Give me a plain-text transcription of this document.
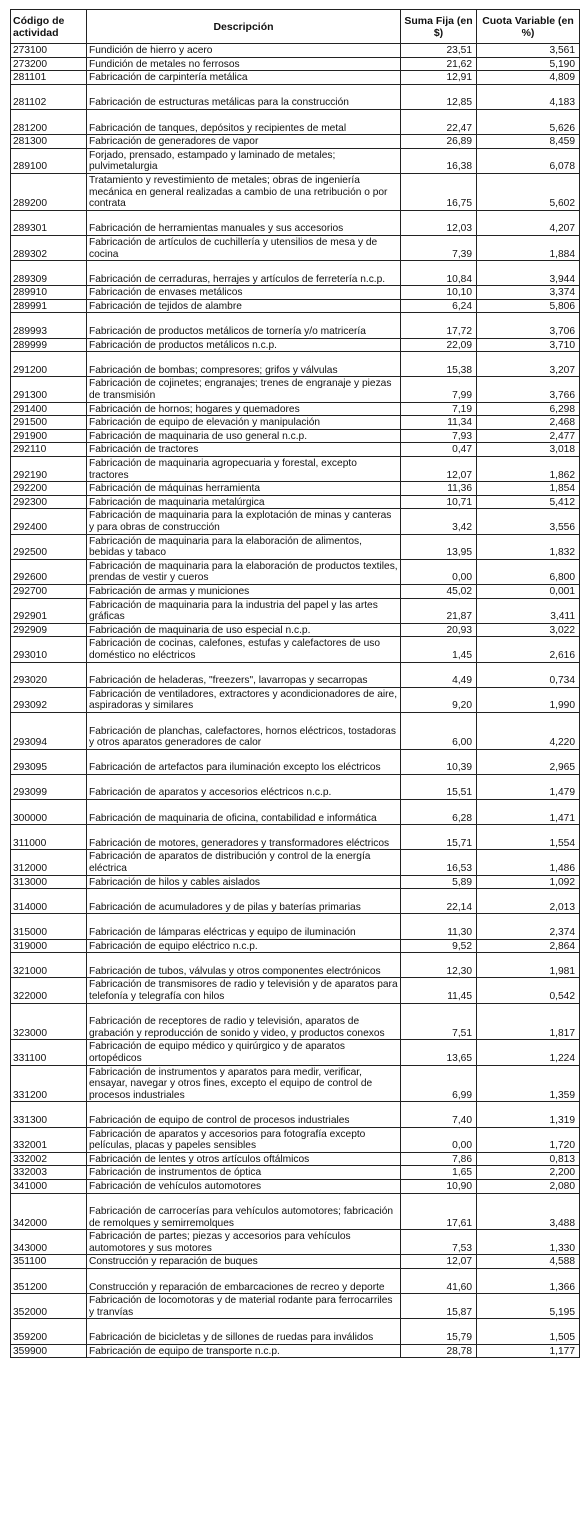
Código de actividad	Descripción	Suma Fija (en $)	Cuota Variable (en %)
273100	Fundición de hierro y acero	23,51	3,561
273200	Fundición de metales no ferrosos	21,62	5,190
281101	Fabricación de carpintería metálica	12,91	4,809
281102	Fabricación de estructuras metálicas para la construcción	12,85	4,183
281200	Fabricación de tanques, depósitos y recipientes de metal	22,47	5,626
281300	Fabricación de generadores de vapor	26,89	8,459
289100	Forjado, prensado, estampado y laminado de metales; pulvimetalurgia	16,38	6,078
289200	Tratamiento y revestimiento de metales; obras de ingeniería mecánica en general realizadas a cambio de una retribución o por contrata	16,75	5,602
289301	Fabricación de herramientas manuales y sus accesorios	12,03	4,207
289302	Fabricación de artículos de cuchillería y utensilios de mesa y de cocina	7,39	1,884
289309	Fabricación de cerraduras, herrajes y artículos de ferretería n.c.p.	10,84	3,944
289910	Fabricación de envases metálicos	10,10	3,374
289991	Fabricación de tejidos de alambre	6,24	5,806
289993	Fabricación de productos metálicos de tornería y/o matricería	17,72	3,706
289999	Fabricación de productos metálicos n.c.p.	22,09	3,710
291200	Fabricación de bombas; compresores; grifos y válvulas	15,38	3,207
291300	Fabricación de cojinetes; engranajes; trenes de engranaje y piezas de transmisión	7,99	3,766
291400	Fabricación de hornos; hogares y quemadores	7,19	6,298
291500	Fabricación de equipo de elevación y manipulación	11,34	2,468
291900	Fabricación de maquinaria de uso general n.c.p.	7,93	2,477
292110	Fabricación de tractores	0,47	3,018
292190	Fabricación de maquinaria agropecuaria y forestal, excepto tractores	12,07	1,862
292200	Fabricación de máquinas herramienta	11,36	1,854
292300	Fabricación de maquinaria metalúrgica	10,71	5,412
292400	Fabricación de maquinaria para la explotación de minas y canteras y para obras de construcción	3,42	3,556
292500	Fabricación de maquinaria para la elaboración de alimentos, bebidas y tabaco	13,95	1,832
292600	Fabricación de maquinaria para la elaboración de productos textiles, prendas de vestir y cueros	0,00	6,800
292700	Fabricación de armas y municiones	45,02	0,001
292901	Fabricación de maquinaria para la industria del papel y las artes gráficas	21,87	3,411
292909	Fabricación de maquinaria de uso especial n.c.p.	20,93	3,022
293010	Fabricación de cocinas, calefones, estufas y calefactores de uso doméstico no eléctricos	1,45	2,616
293020	Fabricación de heladeras, "freezers", lavarropas y secarropas	4,49	0,734
293092	Fabricación de ventiladores, extractores y acondicionadores de aire, aspiradoras y similares	9,20	1,990
293094	Fabricación de planchas, calefactores, hornos eléctricos, tostadoras y otros aparatos generadores de calor	6,00	4,220
293095	Fabricación de artefactos para iluminación excepto los eléctricos	10,39	2,965
293099	Fabricación de aparatos y accesorios eléctricos n.c.p.	15,51	1,479
300000	Fabricación de maquinaria de oficina, contabilidad e informática	6,28	1,471
311000	Fabricación de motores, generadores y transformadores eléctricos	15,71	1,554
312000	Fabricación de aparatos de distribución y control de la energía eléctrica	16,53	1,486
313000	Fabricación de hilos y cables aislados	5,89	1,092
314000	Fabricación de acumuladores y de pilas y baterías primarias	22,14	2,013
315000	Fabricación de lámparas eléctricas y equipo de iluminación	11,30	2,374
319000	Fabricación de equipo eléctrico n.c.p.	9,52	2,864
321000	Fabricación de tubos, válvulas y otros componentes electrónicos	12,30	1,981
322000	Fabricación de transmisores de radio y televisión y de aparatos para telefonía y telegrafía con hilos	11,45	0,542
323000	Fabricación de receptores de radio y televisión, aparatos de grabación y reproducción de sonido y video, y productos conexos	7,51	1,817
331100	Fabricación de equipo médico y quirúrgico y de aparatos ortopédicos	13,65	1,224
331200	Fabricación de instrumentos y aparatos para medir, verificar, ensayar, navegar y otros fines, excepto el equipo de control de procesos industriales	6,99	1,359
331300	Fabricación de equipo de control de procesos industriales	7,40	1,319
332001	Fabricación de aparatos y accesorios para fotografía excepto películas, placas y papeles sensibles	0,00	1,720
332002	Fabricación de lentes y otros artículos oftálmicos	7,86	0,813
332003	Fabricación de instrumentos de óptica	1,65	2,200
341000	Fabricación de vehículos automotores	10,90	2,080
342000	Fabricación de carrocerías para vehículos automotores; fabricación de remolques y semirremolques	17,61	3,488
343000	Fabricación de partes; piezas y accesorios para vehículos automotores y sus motores	7,53	1,330
351100	Construcción y reparación de buques	12,07	4,588
351200	Construcción y reparación de embarcaciones de recreo y deporte	41,60	1,366
352000	Fabricación de locomotoras y de material rodante para ferrocarriles y tranvías	15,87	5,195
359200	Fabricación de bicicletas y de sillones de ruedas para inválidos	15,79	1,505
359900	Fabricación de equipo de transporte n.c.p.	28,78	1,177
